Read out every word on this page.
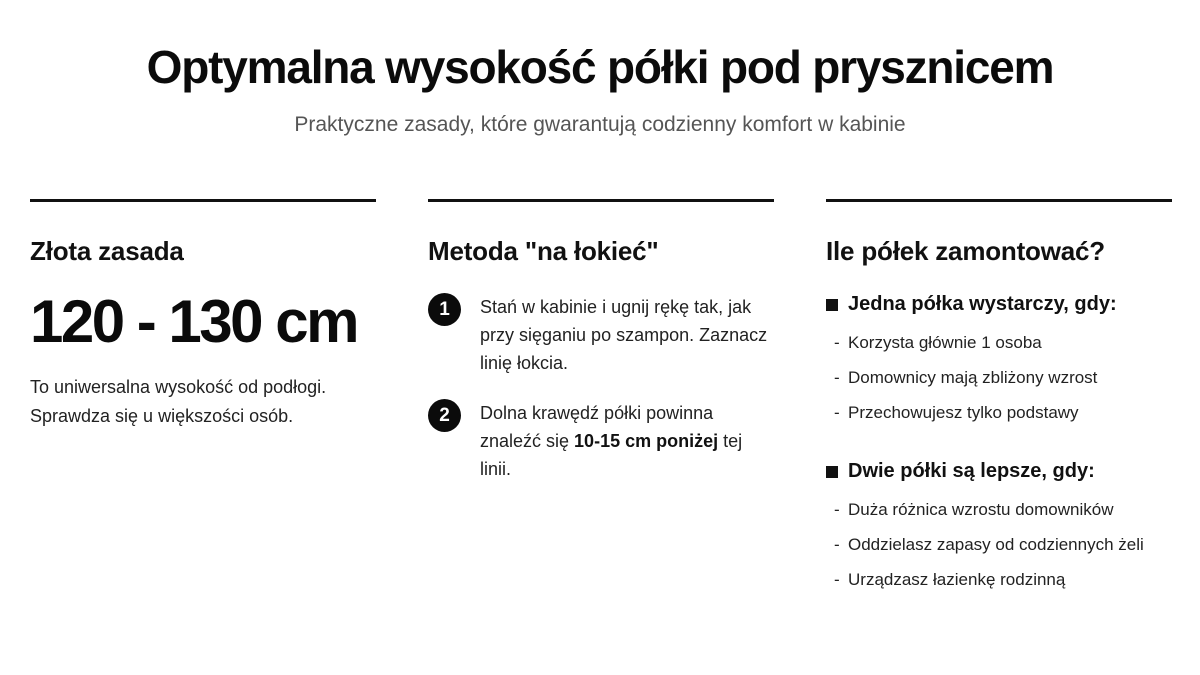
Optymalna wysokość półki pod prysznicem

Praktyczne zasady, które gwarantują codzienny komfort w kabinie

Złota zasada
120 - 130 cm

To uniwersalna wysokość od podłogi. Sprawdza się u większości osób.

Metoda "na łokieć"
1	Stań w kabinie i ugnij rękę tak, jak przy sięganiu po szampon. Zaznacz linię łokcia.
2	Dolna krawędź półki powinna znaleźć się 10-15 cm poniżej tej linii.
Ile półek zamontować?
Jedna półka wystarczy, gdy:
- Korzysta głównie 1 osoba
- Domownicy mają zbliżony wzrost
- Przechowujesz tylko podstawy
Dwie półki są lepsze, gdy:
- Duża różnica wzrostu domowników
- Oddzielasz zapasy od codziennych żeli
- Urządzasz łazienkę rodzinną
